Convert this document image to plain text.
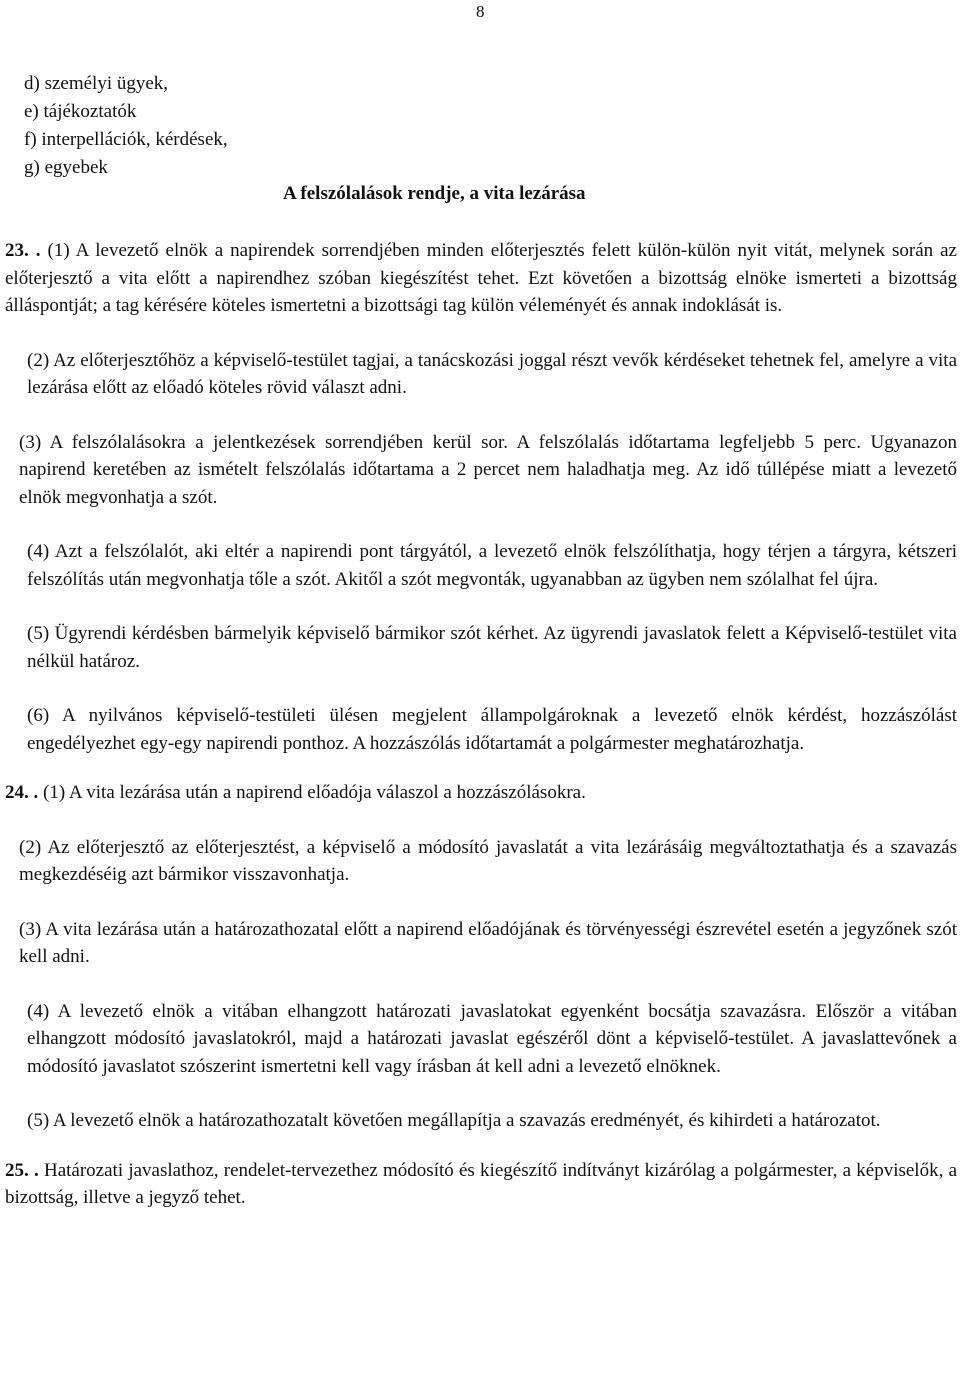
8
d) személyi ügyek,
e) tájékoztatók
f) interpellációk, kérdések,
g) egyebek
A felszólalások rendje, a vita lezárása

23. . (1) A levezető elnök a napirendek sorrendjében minden előterjesztés felett külön-külön nyit vitát, melynek során az előterjesztő a vita előtt a napirendhez szóban kiegészítést tehet. Ezt követően a bizottság elnöke ismerteti a bizottság álláspontját; a tag kérésére köteles ismertetni a bizottsági tag külön véleményét és annak indoklását is.

(2) Az előterjesztőhöz a képviselő-testület tagjai, a tanácskozási joggal részt vevők kérdéseket tehetnek fel, amelyre a vita lezárása előtt az előadó köteles rövid választ adni.

(3) A felszólalásokra a jelentkezések sorrendjében kerül sor. A felszólalás időtartama legfeljebb 5 perc. Ugyanazon napirend keretében az ismételt felszólalás időtartama a 2 percet nem haladhatja meg. Az idő túllépése miatt a levezető elnök megvonhatja a szót.

(4) Azt a felszólalót, aki eltér a napirendi pont tárgyától, a levezető elnök felszólíthatja, hogy térjen a tárgyra, kétszeri felszólítás után megvonhatja tőle a szót. Akitől a szót megvonták, ugyanabban az ügyben nem szólalhat fel újra.

(5) Ügyrendi kérdésben bármelyik képviselő bármikor szót kérhet. Az ügyrendi javaslatok felett a Képviselő-testület vita nélkül határoz.

(6) A nyilvános képviselő-testületi ülésen megjelent állampolgároknak a levezető elnök kérdést, hozzászólást engedélyezhet egy-egy napirendi ponthoz. A hozzászólás időtartamát a polgármester meghatározhatja.

24. . (1) A vita lezárása után a napirend előadója válaszol a hozzászólásokra.

(2) Az előterjesztő az előterjesztést, a képviselő a módosító javaslatát a vita lezárásáig megváltoztathatja és a szavazás megkezdéséig azt bármikor visszavonhatja.

(3) A vita lezárása után a határozathozatal előtt a napirend előadójának és törvényességi észrevétel esetén a jegyzőnek szót kell adni.

(4) A levezető elnök a vitában elhangzott határozati javaslatokat egyenként bocsátja szavazásra. Először a vitában elhangzott módosító javaslatokról, majd a határozati javaslat egészéről dönt a képviselő-testület. A javaslattevőnek a módosító javaslatot szószerint ismertetni kell vagy írásban át kell adni a levezető elnöknek.

(5) A levezető elnök a határozathozatalt követően megállapítja a szavazás eredményét, és kihirdeti a határozatot.

25. . Határozati javaslathoz, rendelet-tervezethez módosító és kiegészítő indítványt kizárólag a polgármester, a képviselők, a bizottság, illetve a jegyző tehet.
